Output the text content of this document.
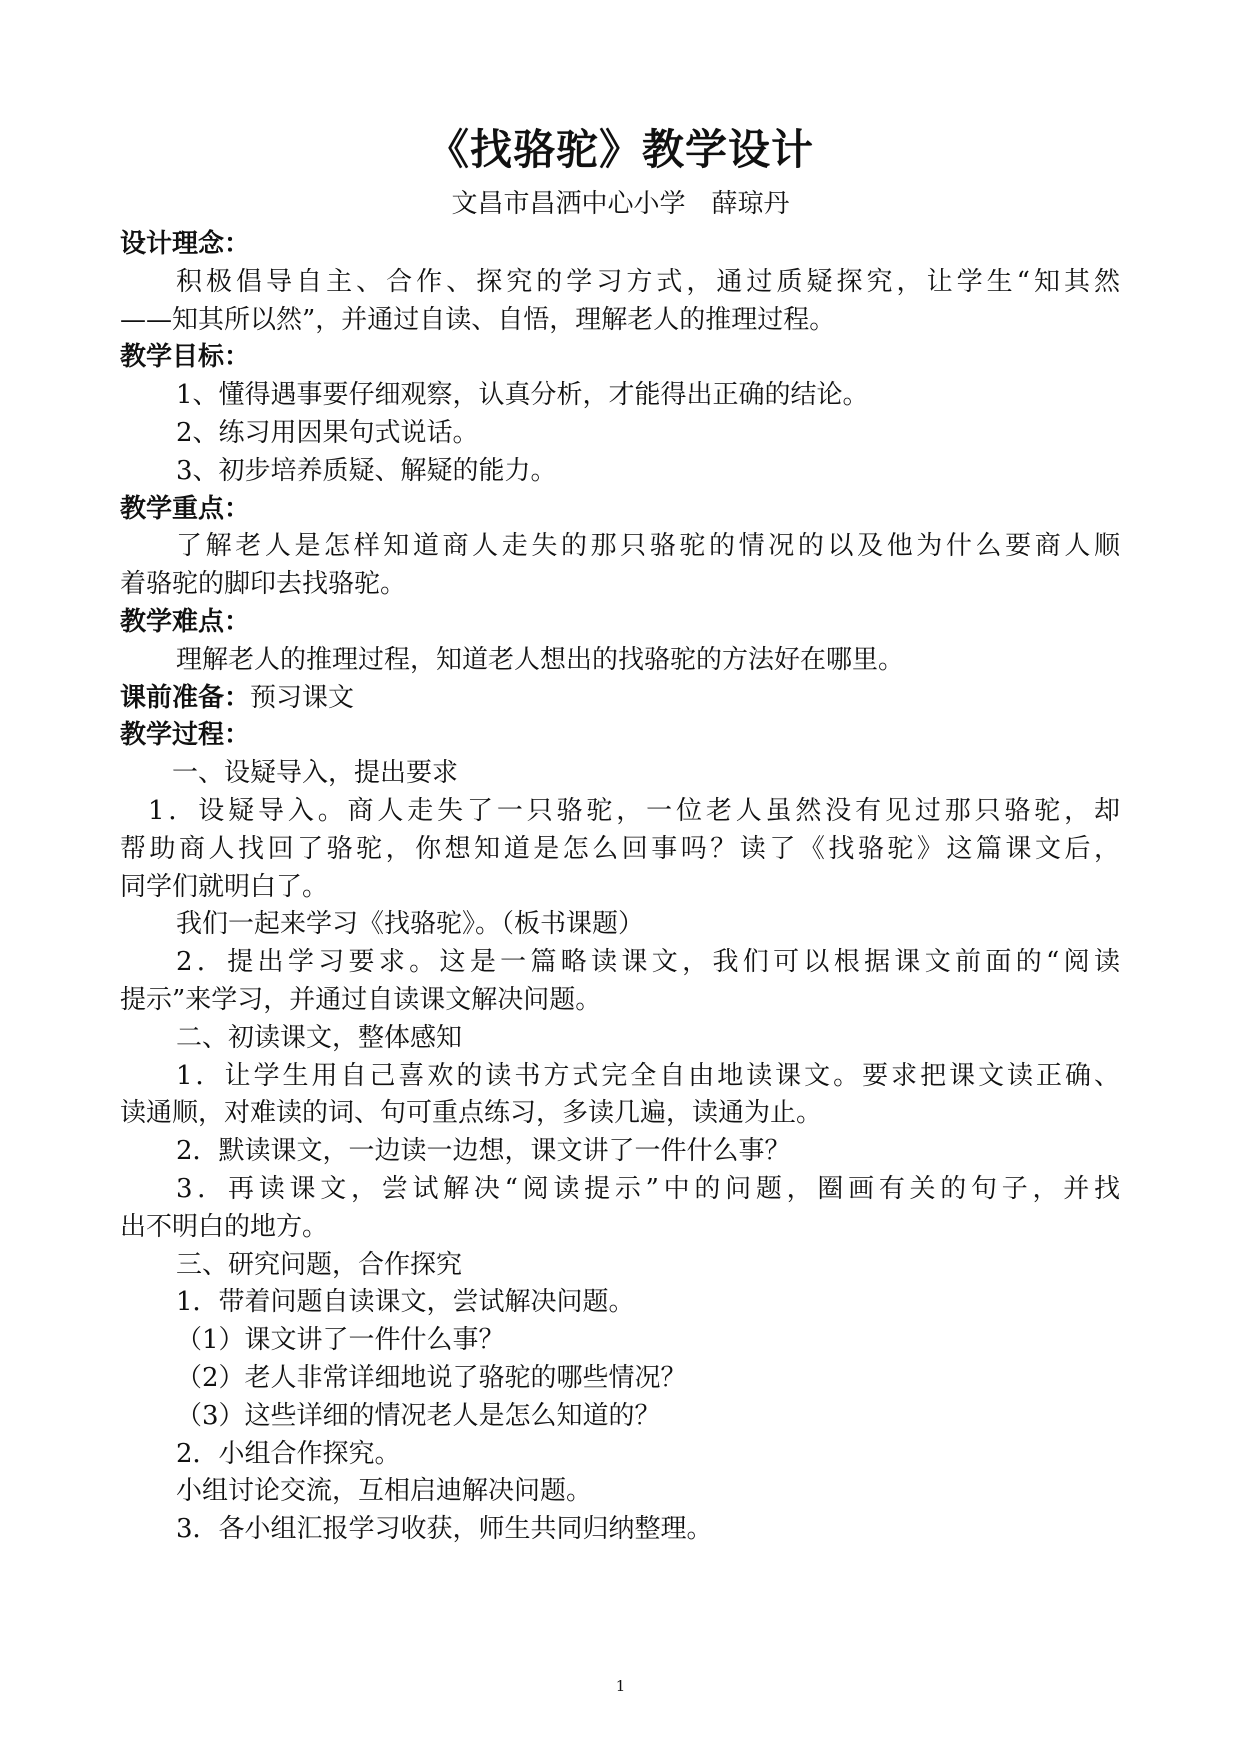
《找骆驼》教学设计
文昌市昌洒中心小学　薛琼丹
设计理念：
积极倡导自主、合作、探究的学习方式，通过质疑探究，让学生“知其然
——知其所以然”，并通过自读、自悟，理解老人的推理过程。
教学目标：
1、懂得遇事要仔细观察，认真分析，才能得出正确的结论。
2、练习用因果句式说话。
3、初步培养质疑、解疑的能力。
教学重点：
了解老人是怎样知道商人走失的那只骆驼的情况的以及他为什么要商人顺
着骆驼的脚印去找骆驼。
教学难点：
理解老人的推理过程，知道老人想出的找骆驼的方法好在哪里。
课前准备：预习课文
教学过程：
一、设疑导入，提出要求
1．设疑导入。商人走失了一只骆驼，一位老人虽然没有见过那只骆驼，却
帮助商人找回了骆驼，你想知道是怎么回事吗？读了《找骆驼》这篇课文后，
同学们就明白了。
我们一起来学习《找骆驼》。（板书课题）
2．提出学习要求。这是一篇略读课文，我们可以根据课文前面的“阅读
提示”来学习，并通过自读课文解决问题。
二、初读课文，整体感知
1．让学生用自己喜欢的读书方式完全自由地读课文。要求把课文读正确、
读通顺，对难读的词、句可重点练习，多读几遍，读通为止。
2．默读课文，一边读一边想，课文讲了一件什么事？
3．再读课文，尝试解决“阅读提示”中的问题，圈画有关的句子，并找
出不明白的地方。
三、研究问题，合作探究
1．带着问题自读课文，尝试解决问题。
（1）课文讲了一件什么事？
（2）老人非常详细地说了骆驼的哪些情况？
（3）这些详细的情况老人是怎么知道的？
2．小组合作探究。
小组讨论交流，互相启迪解决问题。
3．各小组汇报学习收获，师生共同归纳整理。
1
